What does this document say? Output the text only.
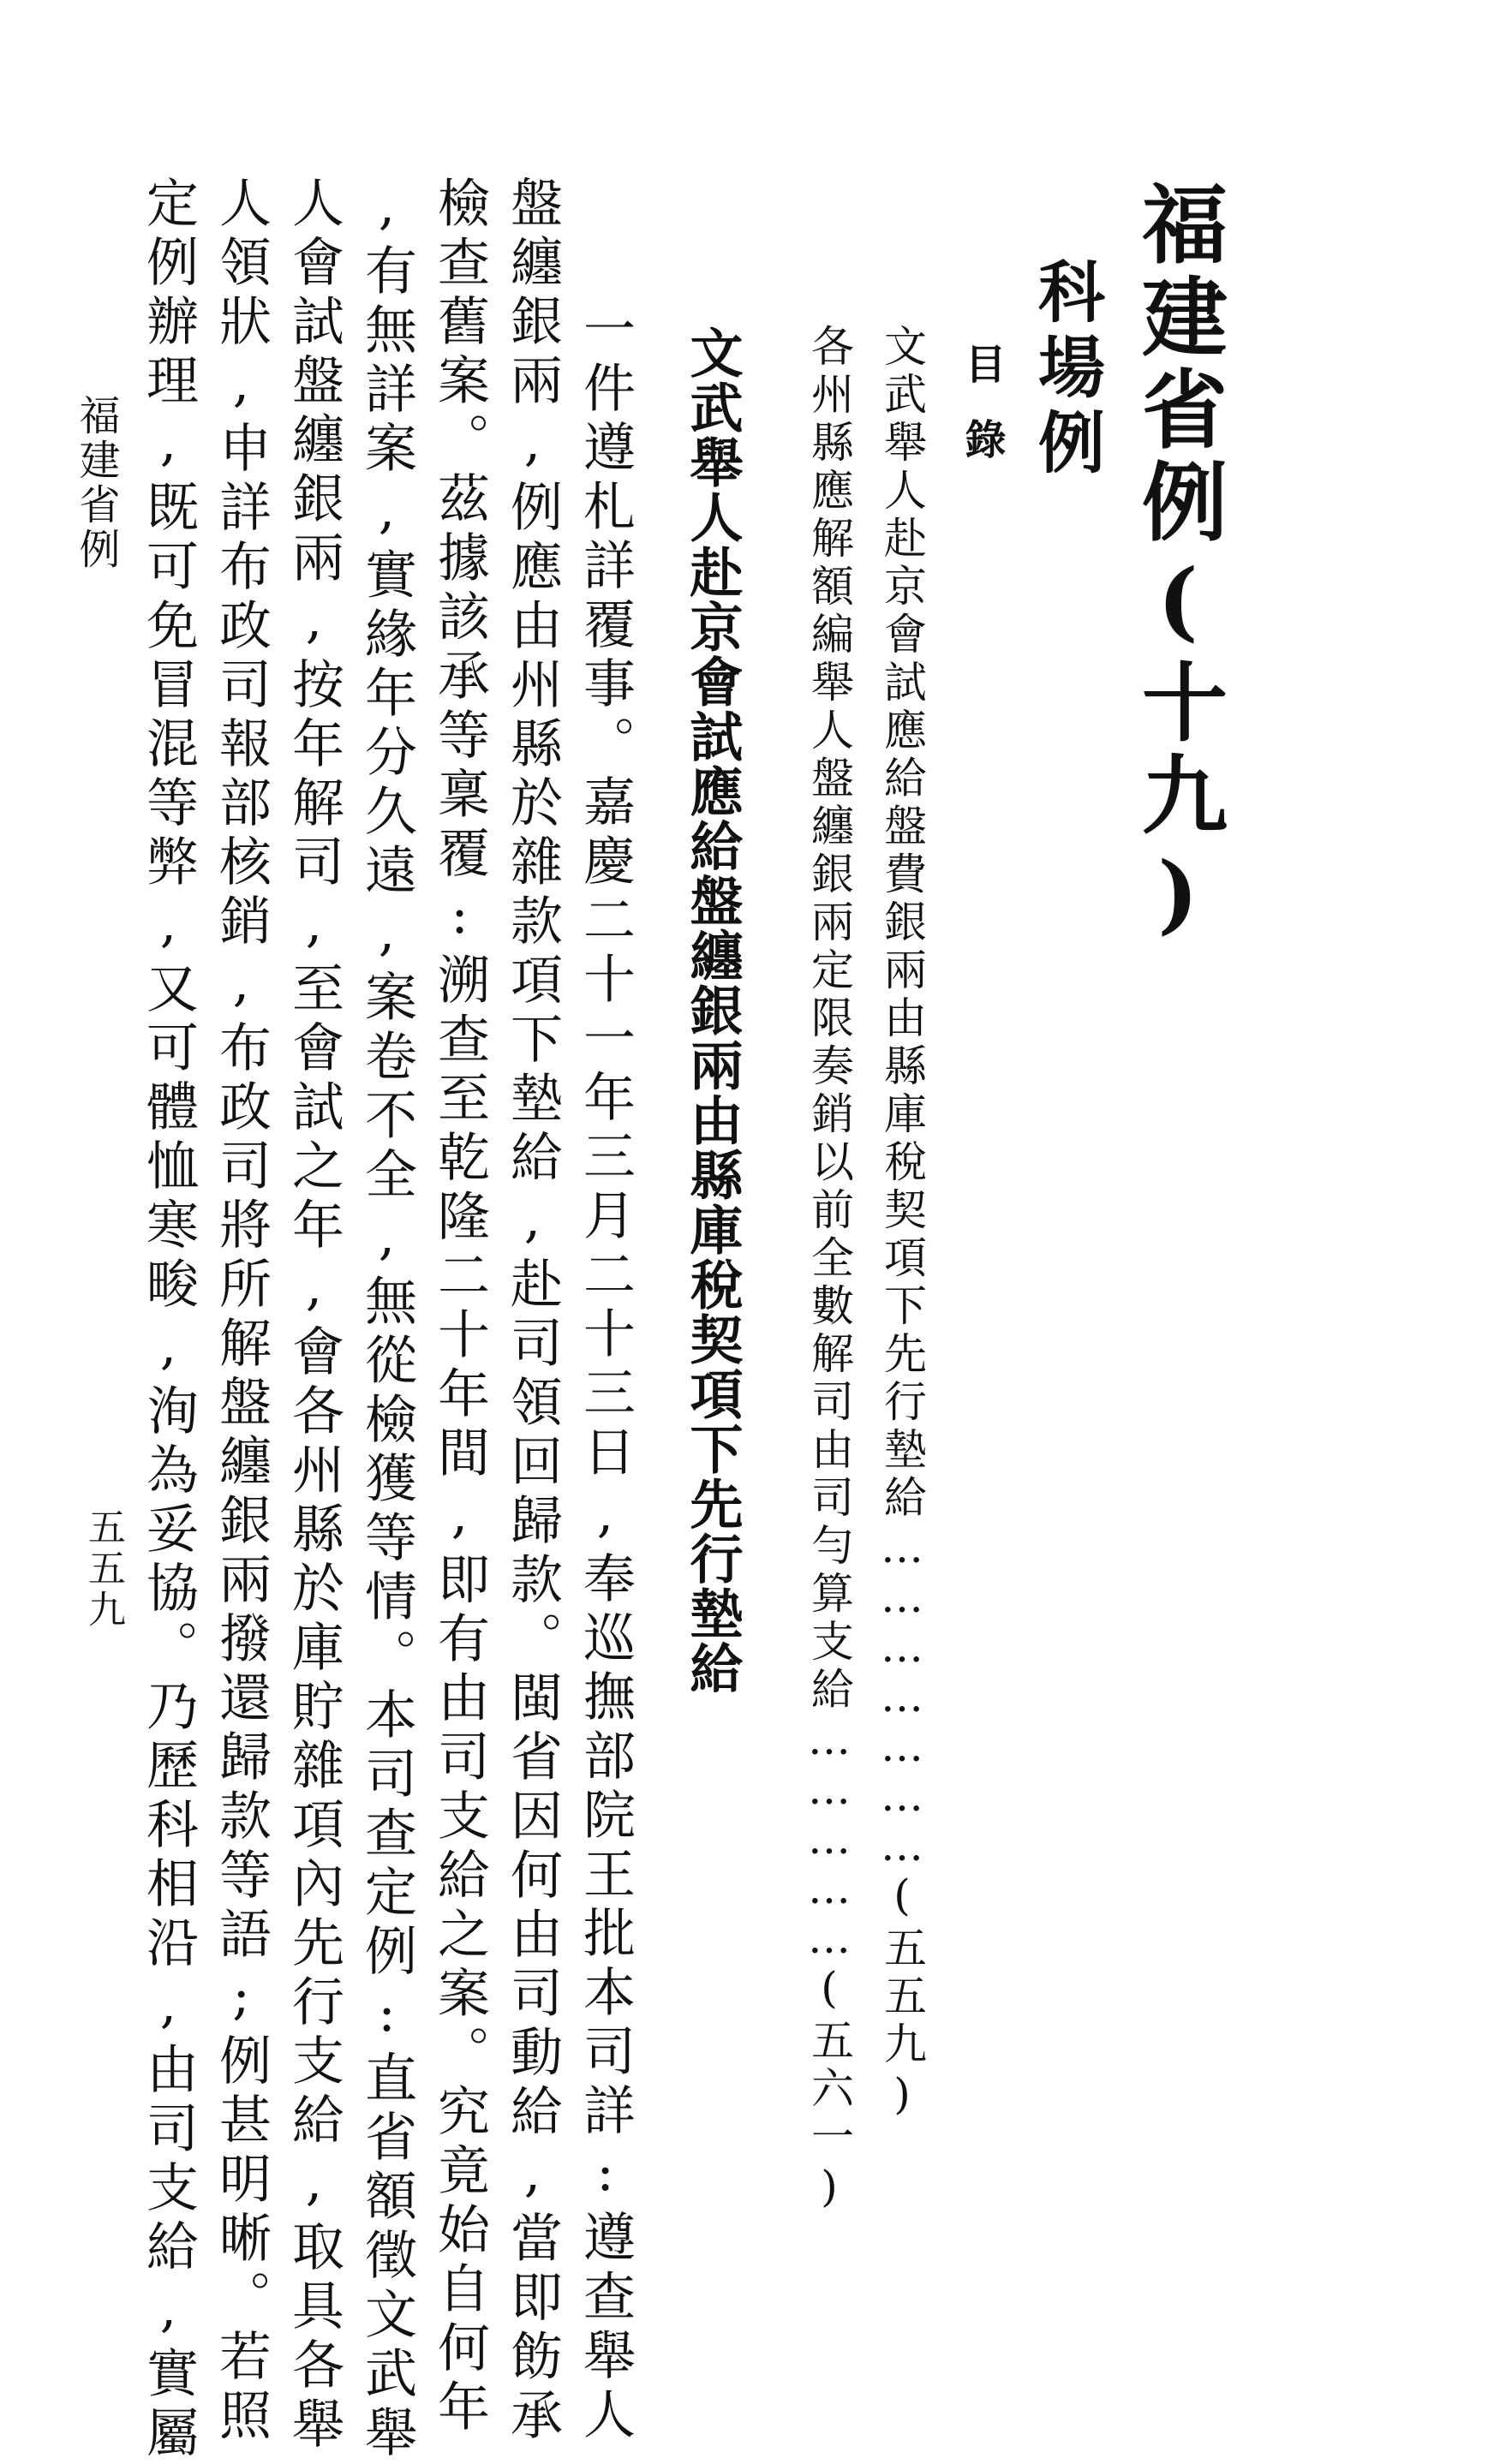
福建省例(十九)
科場例
目錄
文武舉人赴京會試應給盤費銀兩由縣庫稅契項下先行墊給…………………(五五九)
各州縣應解額編舉人盤纏銀兩定限奏銷以前全數解司由司勻算支給……………(五六一)
文武舉人赴京會試應給盤纏銀兩由縣庫稅契項下先行墊給

一件遵札詳覆事。嘉慶二十一年三月二十三日,奉巡撫部院王批本司詳:遵查舉人

盤纏銀兩,例應由州縣於雜款項下墊給,赴司領回歸款。閩省因何由司動給,當即飭承

檢查舊案。茲據該承等稟覆:溯查至乾隆二十年間,即有由司支給之案。究竟始自何年

,有無詳案,實緣年分久遠,案卷不全,無從檢獲等情。本司查定例:直省額徵文武舉

人會試盤纏銀兩,按年解司,至會試之年,會各州縣於庫貯雜項內先行支給,取具各舉

人領狀,申詳布政司報部核銷,布政司將所解盤纏銀兩撥還歸款等語;例甚明晰。若照

定例辦理,既可免冒混等弊,又可體恤寒畯,洵為妥協。乃歷科相沿,由司支給,實屬

福建省例
五五九
